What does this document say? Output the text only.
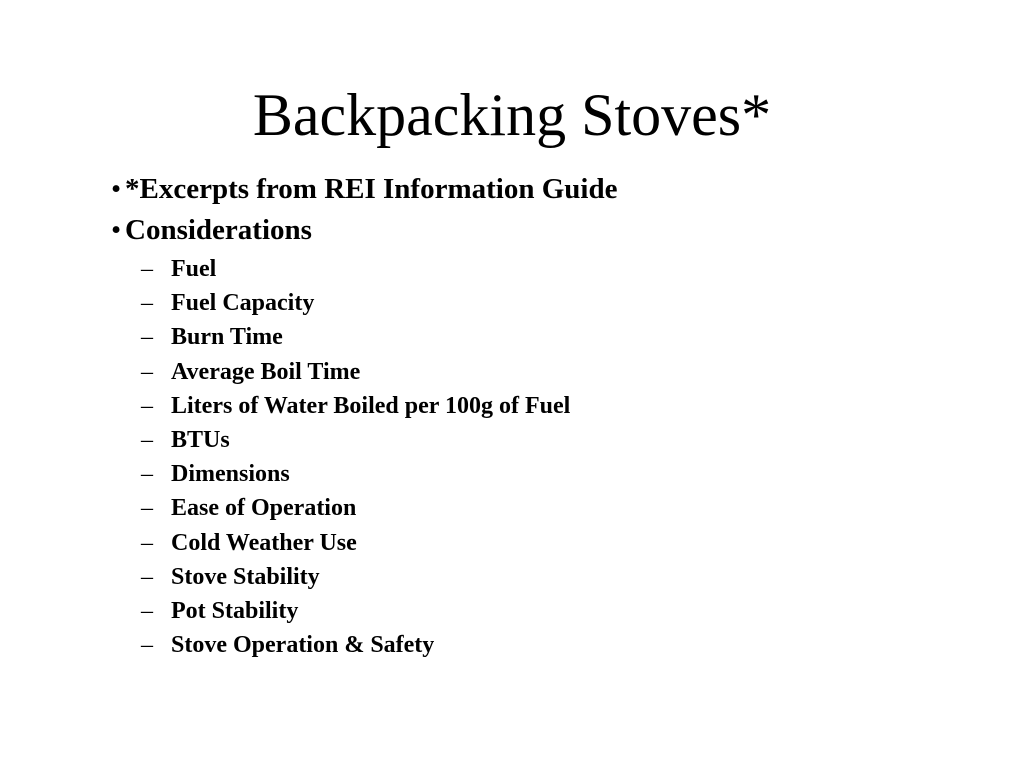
Backpacking Stoves*
• *Excerpts from REI Information Guide
• Considerations
– Fuel
– Fuel Capacity
– Burn Time
– Average Boil Time
– Liters of Water Boiled per 100g of Fuel
– BTUs
– Dimensions
– Ease of Operation
– Cold Weather Use
– Stove Stability
– Pot Stability
– Stove Operation & Safety
